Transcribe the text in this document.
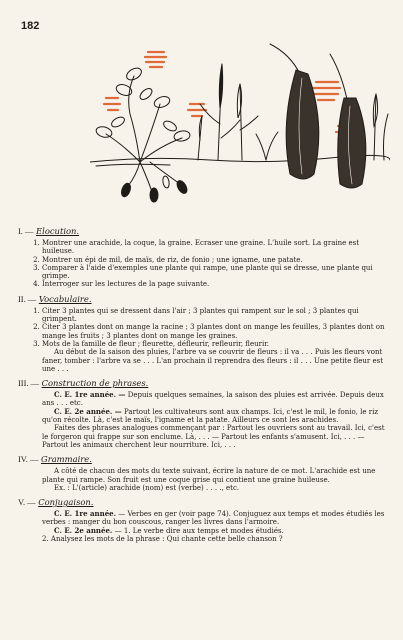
182
I. — Elocution.
1. Montrer une arachide, la coque, la graine. Ecraser une graine. L'huile sort. La graine est huileuse.
2. Montrer un épi de mil, de maïs, de riz, de fonio ; une igname, une patate.
3. Comparer à l'aide d'exemples une plante qui rampe, une plante qui se dresse, une plante qui grimpe.
4. Interroger sur les lectures de la page suivante.
II. — Vocabulaire.
1. Citer 3 plantes qui se dressent dans l'air ; 3 plantes qui rampent sur le sol ; 3 plantes qui grimpent.
2. Citer 3 plantes dont on mange la racine ; 3 plantes dont on mange les feuilles, 3 plantes dont on mange les fruits ; 3 plantes dont on mange les graines.
3. Mots de la famille de fleur ; fleurette, défleurir, refleurir, fleurir.

Au début de la saison des pluies, l'arbre va se couvrir de fleurs : il va . . . Puis les fleurs vont faner, tomber : l'arbre va se . . . L'an prochain il reprendra des fleurs : il . . . Une petite fleur est une . . .

III. — Construction de phrases.

C. E. 1re année. — Depuis quelques semaines, la saison des pluies est arrivée. Depuis deux ans . . . etc.

C. E. 2e année. — Partout les cultivateurs sont aux champs. Ici, c'est le mil, le fonio, le riz qu'on récolte. Là, c'est le maïs, l'igname et la patate. Ailleurs ce sont les arachides.

Faites des phrases analogues commençant par : Partout les ouvriers sont au travail. Ici, c'est le forgeron qui frappe sur son enclume. Là, . . . — Partout les enfants s'amusent. Ici, . . . — Partout les animaux cherchent leur nourriture. Ici, . . .

IV. — Grammaire.

A côté de chacun des mots du texte suivant, écrire la nature de ce mot. L'arachide est une plante qui rampe. Son fruit est une coque grise qui contient une graine huileuse.

Ex. : L'(article) arachide (nom) est (verbe) . . . ., etc.

V. — Conjugaison.

C. E. 1re année. — Verbes en ger (voir page 74). Conjuguez aux temps et modes étudiés les verbes : manger du bon couscous, ranger les livres dans l'armoire.

C. E. 2e année. — 1. Le verbe dire aux temps et modes étudiés.

2. Analysez les mots de la phrase : Qui chante cette belle chanson ?
